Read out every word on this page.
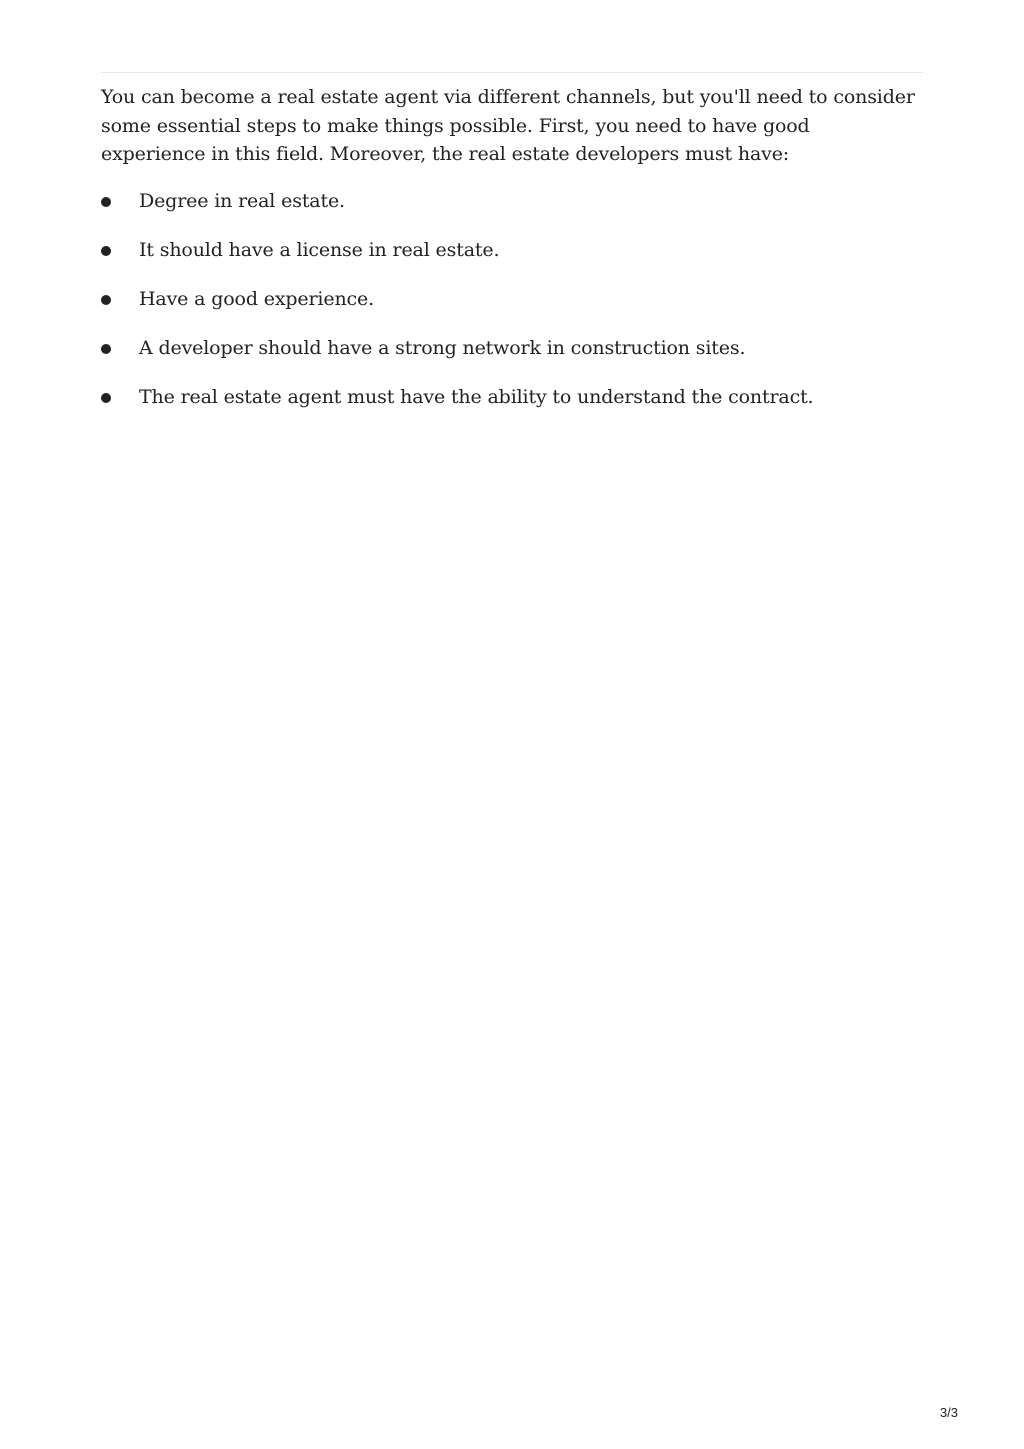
You can become a real estate agent via different channels, but you'll need to consider some essential steps to make things possible. First, you need to have good experience in this field. Moreover, the real estate developers must have:

Degree in real estate.
It should have a license in real estate.
Have a good experience.
A developer should have a strong network in construction sites.
The real estate agent must have the ability to understand the contract.
3/3
